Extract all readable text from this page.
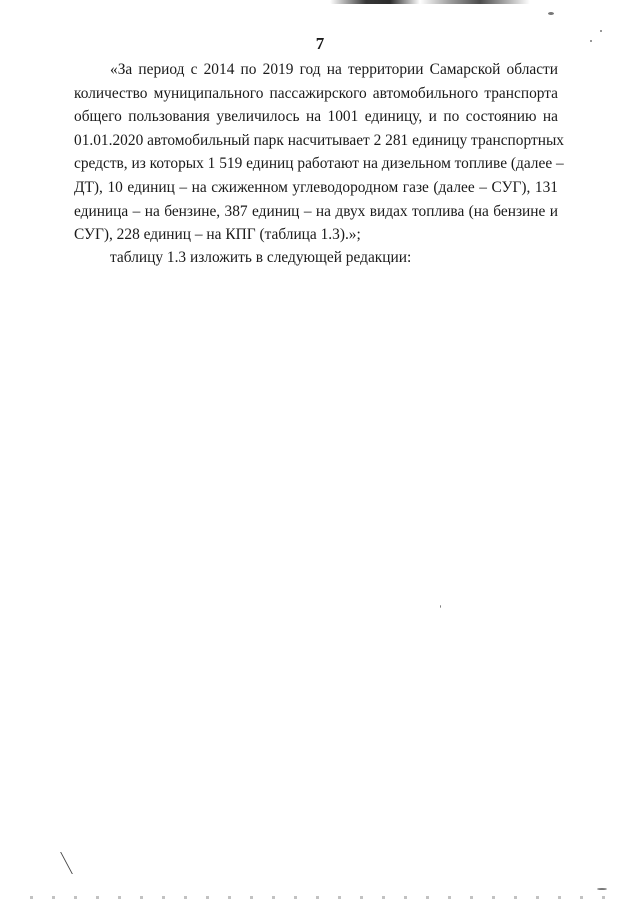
7
«За период с 2014 по 2019 год на территории Самарской области
количество муниципального пассажирского автомобильного транспорта
общего пользования увеличилось на 1001 единицу, и по состоянию на
01.01.2020 автомобильный парк насчитывает 2 281 единицу транспортных
средств, из которых 1 519 единиц работают на дизельном топливе (далее –
ДТ), 10 единиц – на сжиженном углеводородном газе (далее – СУГ), 131
единица – на бензине, 387 единиц – на двух видах топлива (на бензине и
СУГ), 228 единиц – на КПГ (таблица 1.3).»;
таблицу 1.3 изложить в следующей редакции:
